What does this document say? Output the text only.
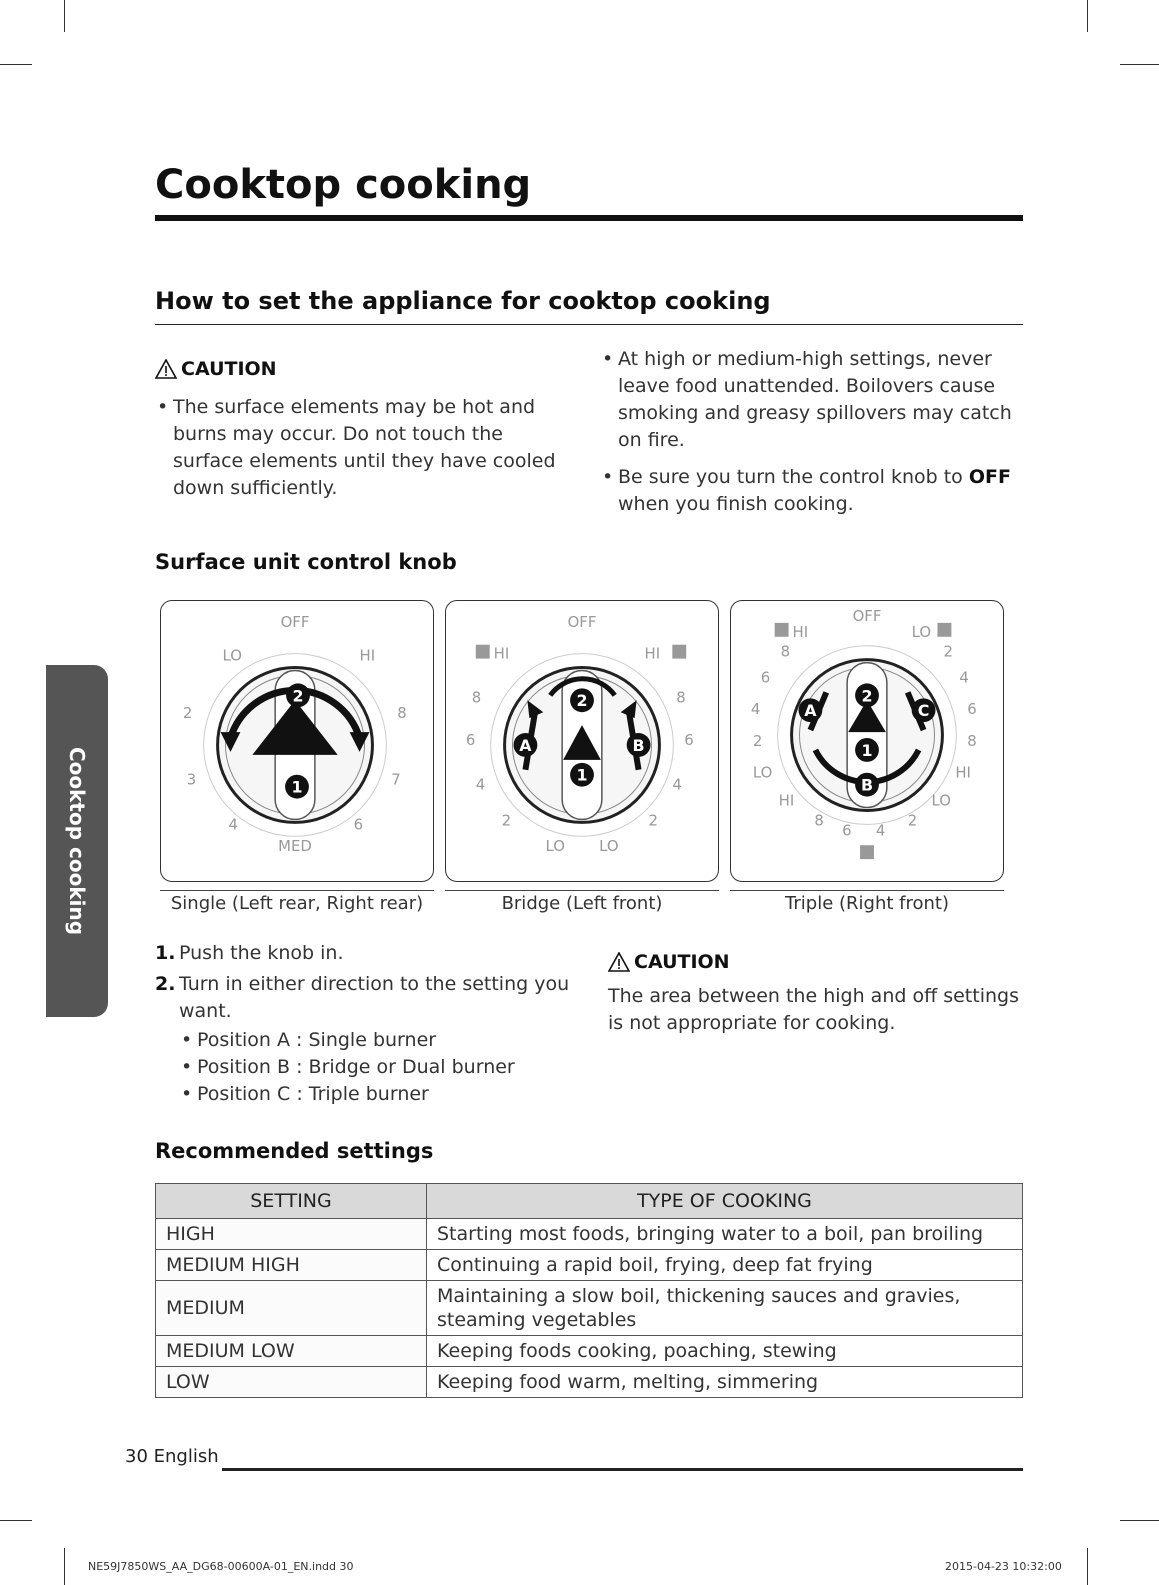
Cooktop cooking
How to set the appliance for cooktop cooking
Cooktop cooking
CAUTION
• The surface elements may be hot and burns may occur. Do not touch the surface elements until they have cooled down sufficiently.
• At high or medium-high settings, never leave food unattended. Boilovers cause smoking and greasy spillovers may catch on fire.
• Be sure you turn the control knob to OFF when you finish cooking.
Surface unit control knob
2
1
OFF
LO	HI
2
3
4	6
7
8
MED
Single (Left rear, Right rear)
2
1
A	B
OFF
HI	HI
8
6
4
2
8
6
4
2
LO LO
Bridge (Left front)
2
1
A
B
C
OFF
HI	LO
8
6
4
2
LO
HI
2
4
6
8
HI
LO
8
6 4
2
Triple (Right front)
1. Push the knob in.
2. Turn in either direction to the setting you want.
• Position A : Single burner
• Position B : Bridge or Dual burner
• Position C : Triple burner
CAUTION

The area between the high and off settings is not appropriate for cooking.

Recommended settings
SETTING	TYPE OF COOKING
HIGH	Starting most foods, bringing water to a boil, pan broiling
MEDIUM HIGH	Continuing a rapid boil, frying, deep fat frying
MEDIUM	Maintaining a slow boil, thickening sauces and gravies, steaming vegetables
MEDIUM LOW	Keeping foods cooking, poaching, stewing
LOW	Keeping food warm, melting, simmering
30 English
NE59J7850WS_AA_DG68-00600A-01_EN.indd 30	2015-04-23 10:32:00
